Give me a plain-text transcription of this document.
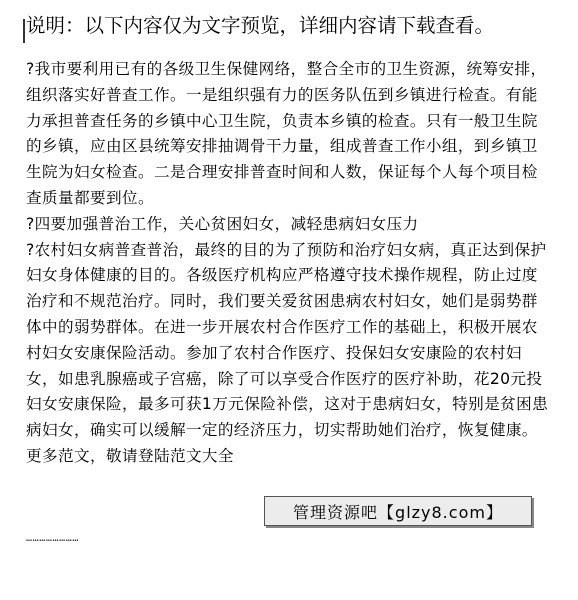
说明：以下内容仅为文字预览，详细内容请下载查看。

?我市要利用已有的各级卫生保健网络，整合全市的卫生资源，统筹安排，组织落实好普查工作。一是组织强有力的医务队伍到乡镇进行检查。有能力承担普查任务的乡镇中心卫生院，负责本乡镇的检查。只有一般卫生院的乡镇，应由区县统筹安排抽调骨干力量，组成普查工作小组，到乡镇卫生院为妇女检查。二是合理安排普查时间和人数，保证每个人每个项目检查质量都要到位。

?四要加强普治工作，关心贫困妇女，减轻患病妇女压力

?农村妇女病普查普治，最终的目的为了预防和治疗妇女病，真正达到保护妇女身体健康的目的。各级医疗机构应严格遵守技术操作规程，防止过度治疗和不规范治疗。同时，我们要关爱贫困患病农村妇女，她们是弱势群体中的弱势群体。在进一步开展农村合作医疗工作的基础上，积极开展农村妇女安康保险活动。参加了农村合作医疗、投保妇女安康险的农村妇女，如患乳腺癌或子宫癌，除了可以享受合作医疗的医疗补助，花20元投妇女安康保险，最多可获1万元保险补偿，这对于患病妇女，特别是贫困患病妇女，确实可以缓解一定的经济压力，切实帮助她们治疗，恢复健康。

更多范文，敬请登陆范文大全

……………………
管理资源吧【glzy8.com】
